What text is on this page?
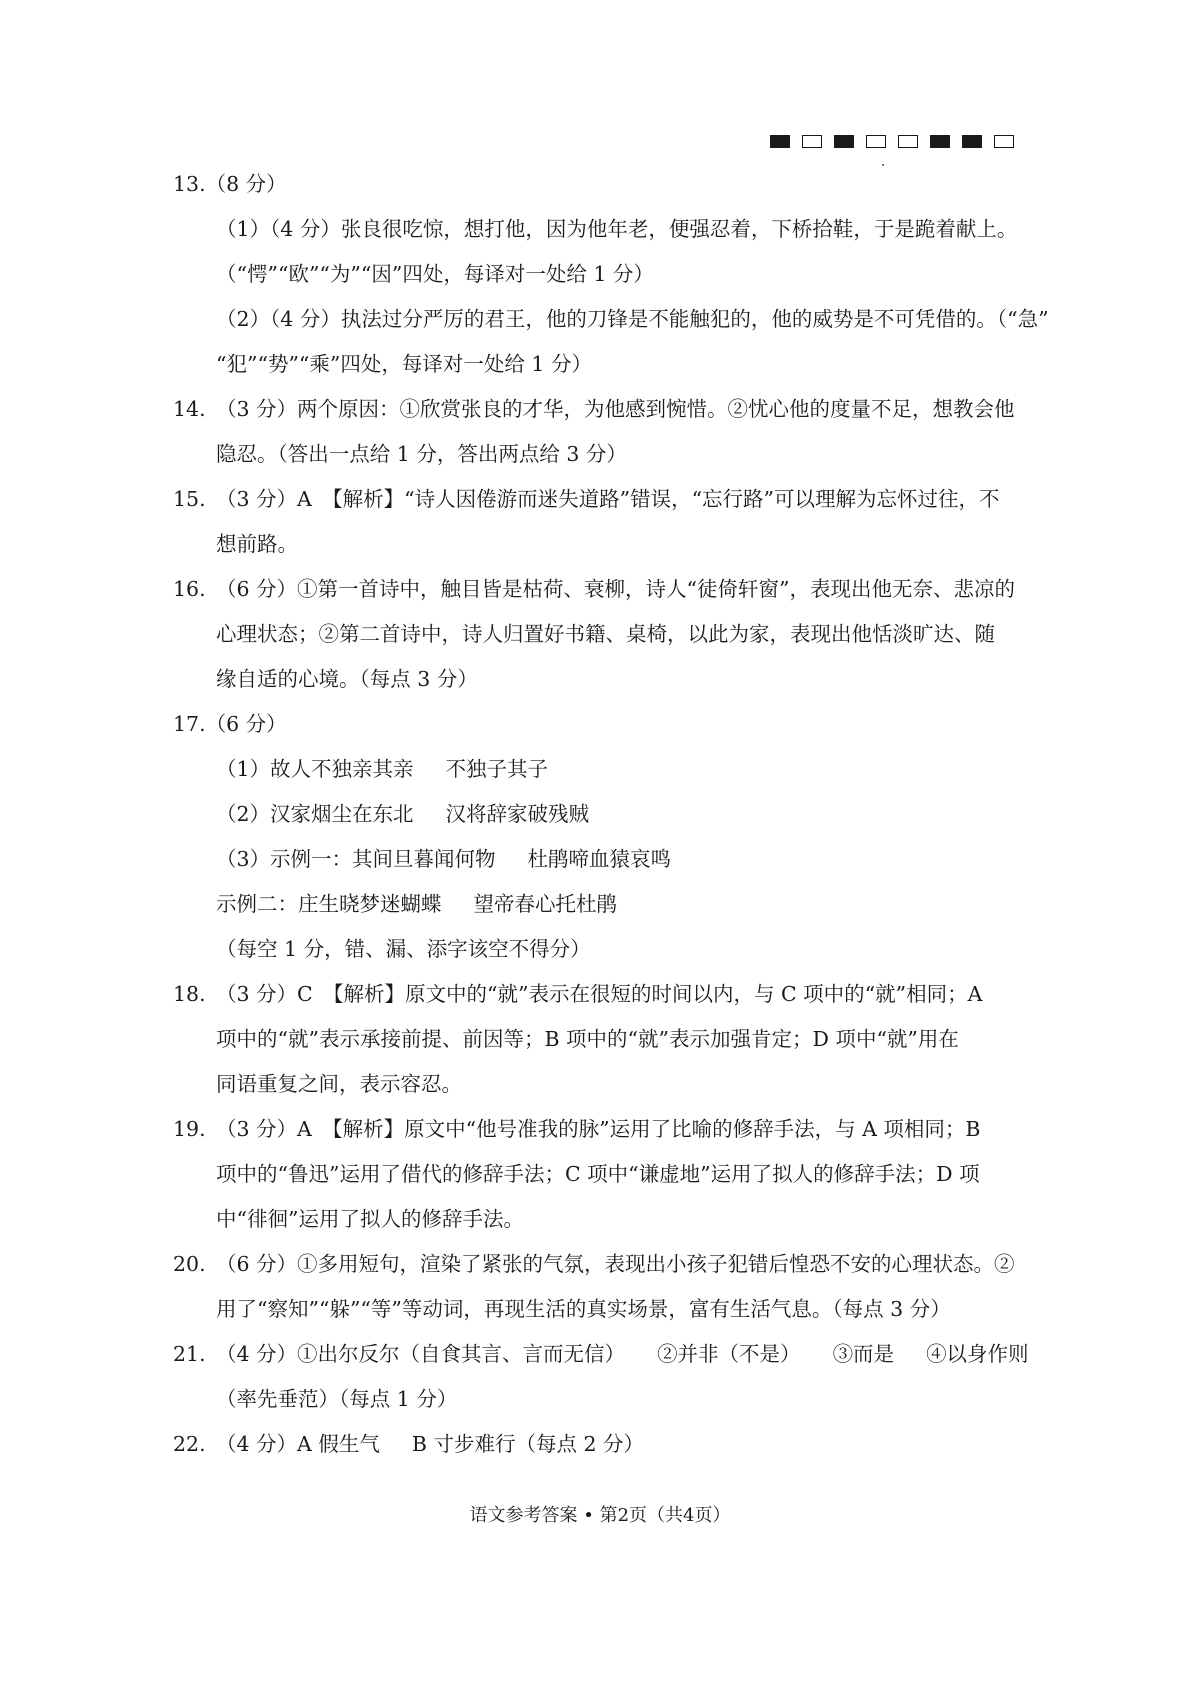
13.（8 分）
（1）（4 分）张良很吃惊，想打他，因为他年老，便强忍着，下桥拾鞋，于是跪着献上。
（“愕”“欧”“为”“因”四处，每译对一处给 1 分）
（2）（4 分）执法过分严厉的君王，他的刀锋是不能触犯的，他的威势是不可凭借的。（“急”
“犯”“势”“乘”四处，每译对一处给 1 分）
14. （3 分）两个原因：①欣赏张良的才华，为他感到惋惜。②忧心他的度量不足，想教会他
隐忍。（答出一点给 1 分，答出两点给 3 分）
15. （3 分）A　【解析】“诗人因倦游而迷失道路”错误，“忘行路”可以理解为忘怀过往，不
想前路。
16. （6 分）①第一首诗中，触目皆是枯荷、衰柳，诗人“徒倚轩窗”，表现出他无奈、悲凉的
心理状态；②第二首诗中，诗人归置好书籍、桌椅，以此为家，表现出他恬淡旷达、随
缘自适的心境。（每点 3 分）
17.（6 分）
（1）故人不独亲其亲 不独子其子
（2）汉家烟尘在东北 汉将辞家破残贼
（3）示例一：其间旦暮闻何物 杜鹃啼血猿哀鸣
示例二：庄生晓梦迷蝴蝶 望帝春心托杜鹃
（每空 1 分，错、漏、添字该空不得分）
18. （3 分）C　【解析】原文中的“就”表示在很短的时间以内，与 C 项中的“就”相同；A
项中的“就”表示承接前提、前因等；B 项中的“就”表示加强肯定；D 项中“就”用在
同语重复之间，表示容忍。
19. （3 分）A　【解析】原文中“他号准我的脉”运用了比喻的修辞手法，与 A 项相同；B
项中的“鲁迅”运用了借代的修辞手法；C 项中“谦虚地”运用了拟人的修辞手法；D 项
中“徘徊”运用了拟人的修辞手法。
20. （6 分）①多用短句，渲染了紧张的气氛，表现出小孩子犯错后惶恐不安的心理状态。②
用了“察知”“躲”“等”等动词，再现生活的真实场景，富有生活气息。（每点 3 分）
21. （4 分）①出尔反尔（自食其言、言而无信） ②并非（不是） ③而是 ④以身作则
（率先垂范）（每点 1 分）
22. （4 分）A 假生气 B 寸步难行（每点 2 分）
语文参考答案 • 第2页（共4页）
